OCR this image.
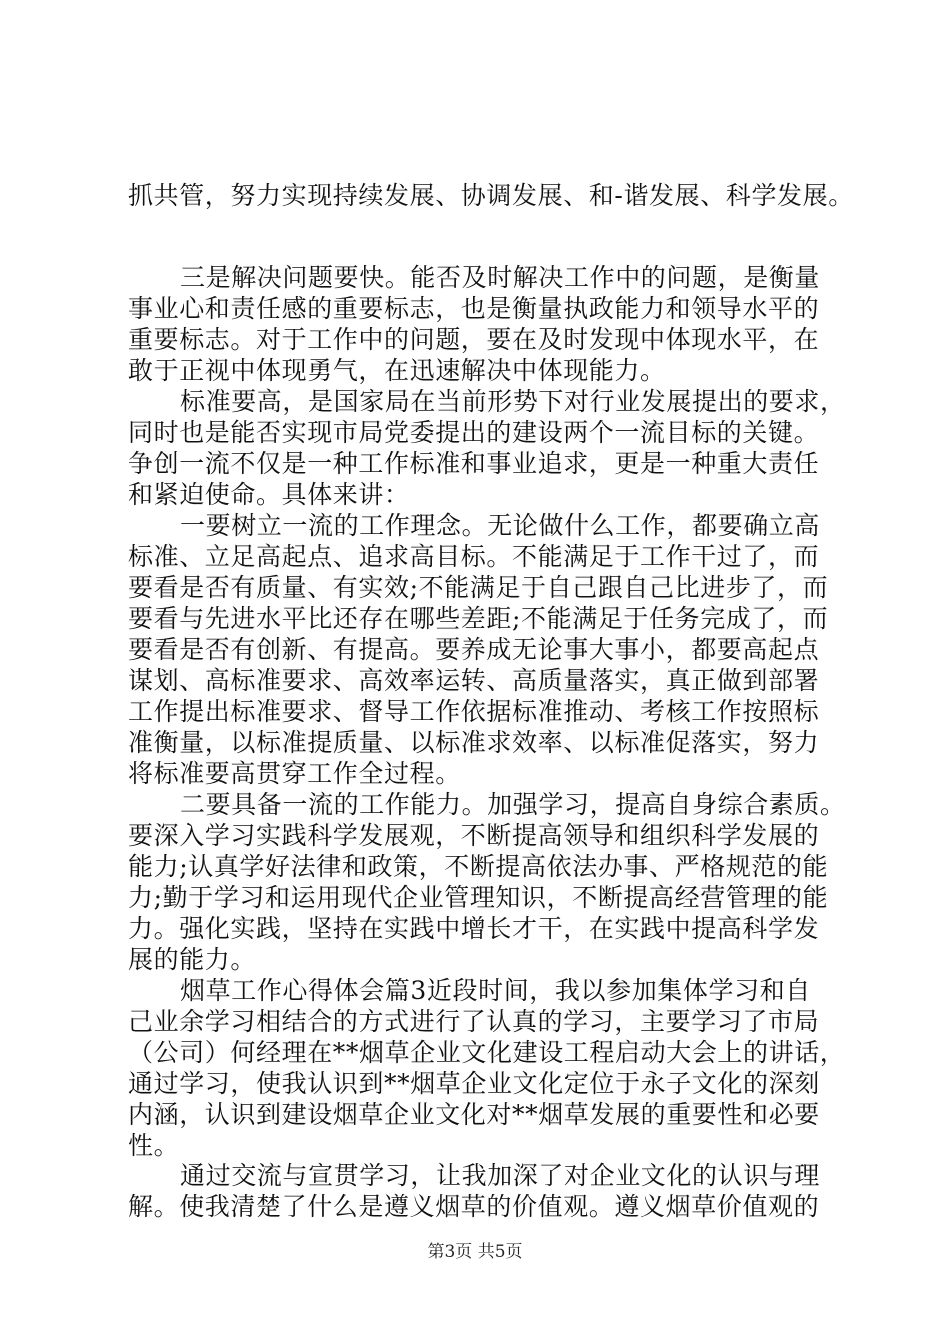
抓共管，努力实现持续发展、协调发展、和-谐发展、科学发展。
三是解决问题要快。能否及时解决工作中的问题，是衡量
事业心和责任感的重要标志，也是衡量执政能力和领导水平的
重要标志。对于工作中的问题，要在及时发现中体现水平，在
敢于正视中体现勇气，在迅速解决中体现能力。
标准要高，是国家局在当前形势下对行业发展提出的要求，
同时也是能否实现市局党委提出的建设两个一流目标的关键。
争创一流不仅是一种工作标准和事业追求，更是一种重大责任
和紧迫使命。具体来讲：
一要树立一流的工作理念。无论做什么工作，都要确立高
标准、立足高起点、追求高目标。不能满足于工作干过了，而
要看是否有质量、有实效;不能满足于自己跟自己比进步了，而
要看与先进水平比还存在哪些差距;不能满足于任务完成了，而
要看是否有创新、有提高。要养成无论事大事小，都要高起点
谋划、高标准要求、高效率运转、高质量落实，真正做到部署
工作提出标准要求、督导工作依据标准推动、考核工作按照标
准衡量，以标准提质量、以标准求效率、以标准促落实，努力
将标准要高贯穿工作全过程。
二要具备一流的工作能力。加强学习，提高自身综合素质。
要深入学习实践科学发展观，不断提高领导和组织科学发展的
能力;认真学好法律和政策，不断提高依法办事、严格规范的能
力;勤于学习和运用现代企业管理知识，不断提高经营管理的能
力。强化实践，坚持在实践中增长才干，在实践中提高科学发
展的能力。
烟草工作心得体会篇3近段时间，我以参加集体学习和自
己业余学习相结合的方式进行了认真的学习，主要学习了市局
（公司）何经理在**烟草企业文化建设工程启动大会上的讲话，
通过学习，使我认识到**烟草企业文化定位于永子文化的深刻
内涵，认识到建设烟草企业文化对**烟草发展的重要性和必要
性。
通过交流与宣贯学习，让我加深了对企业文化的认识与理
解。使我清楚了什么是遵义烟草的价值观。遵义烟草价值观的
第3页 共5页
